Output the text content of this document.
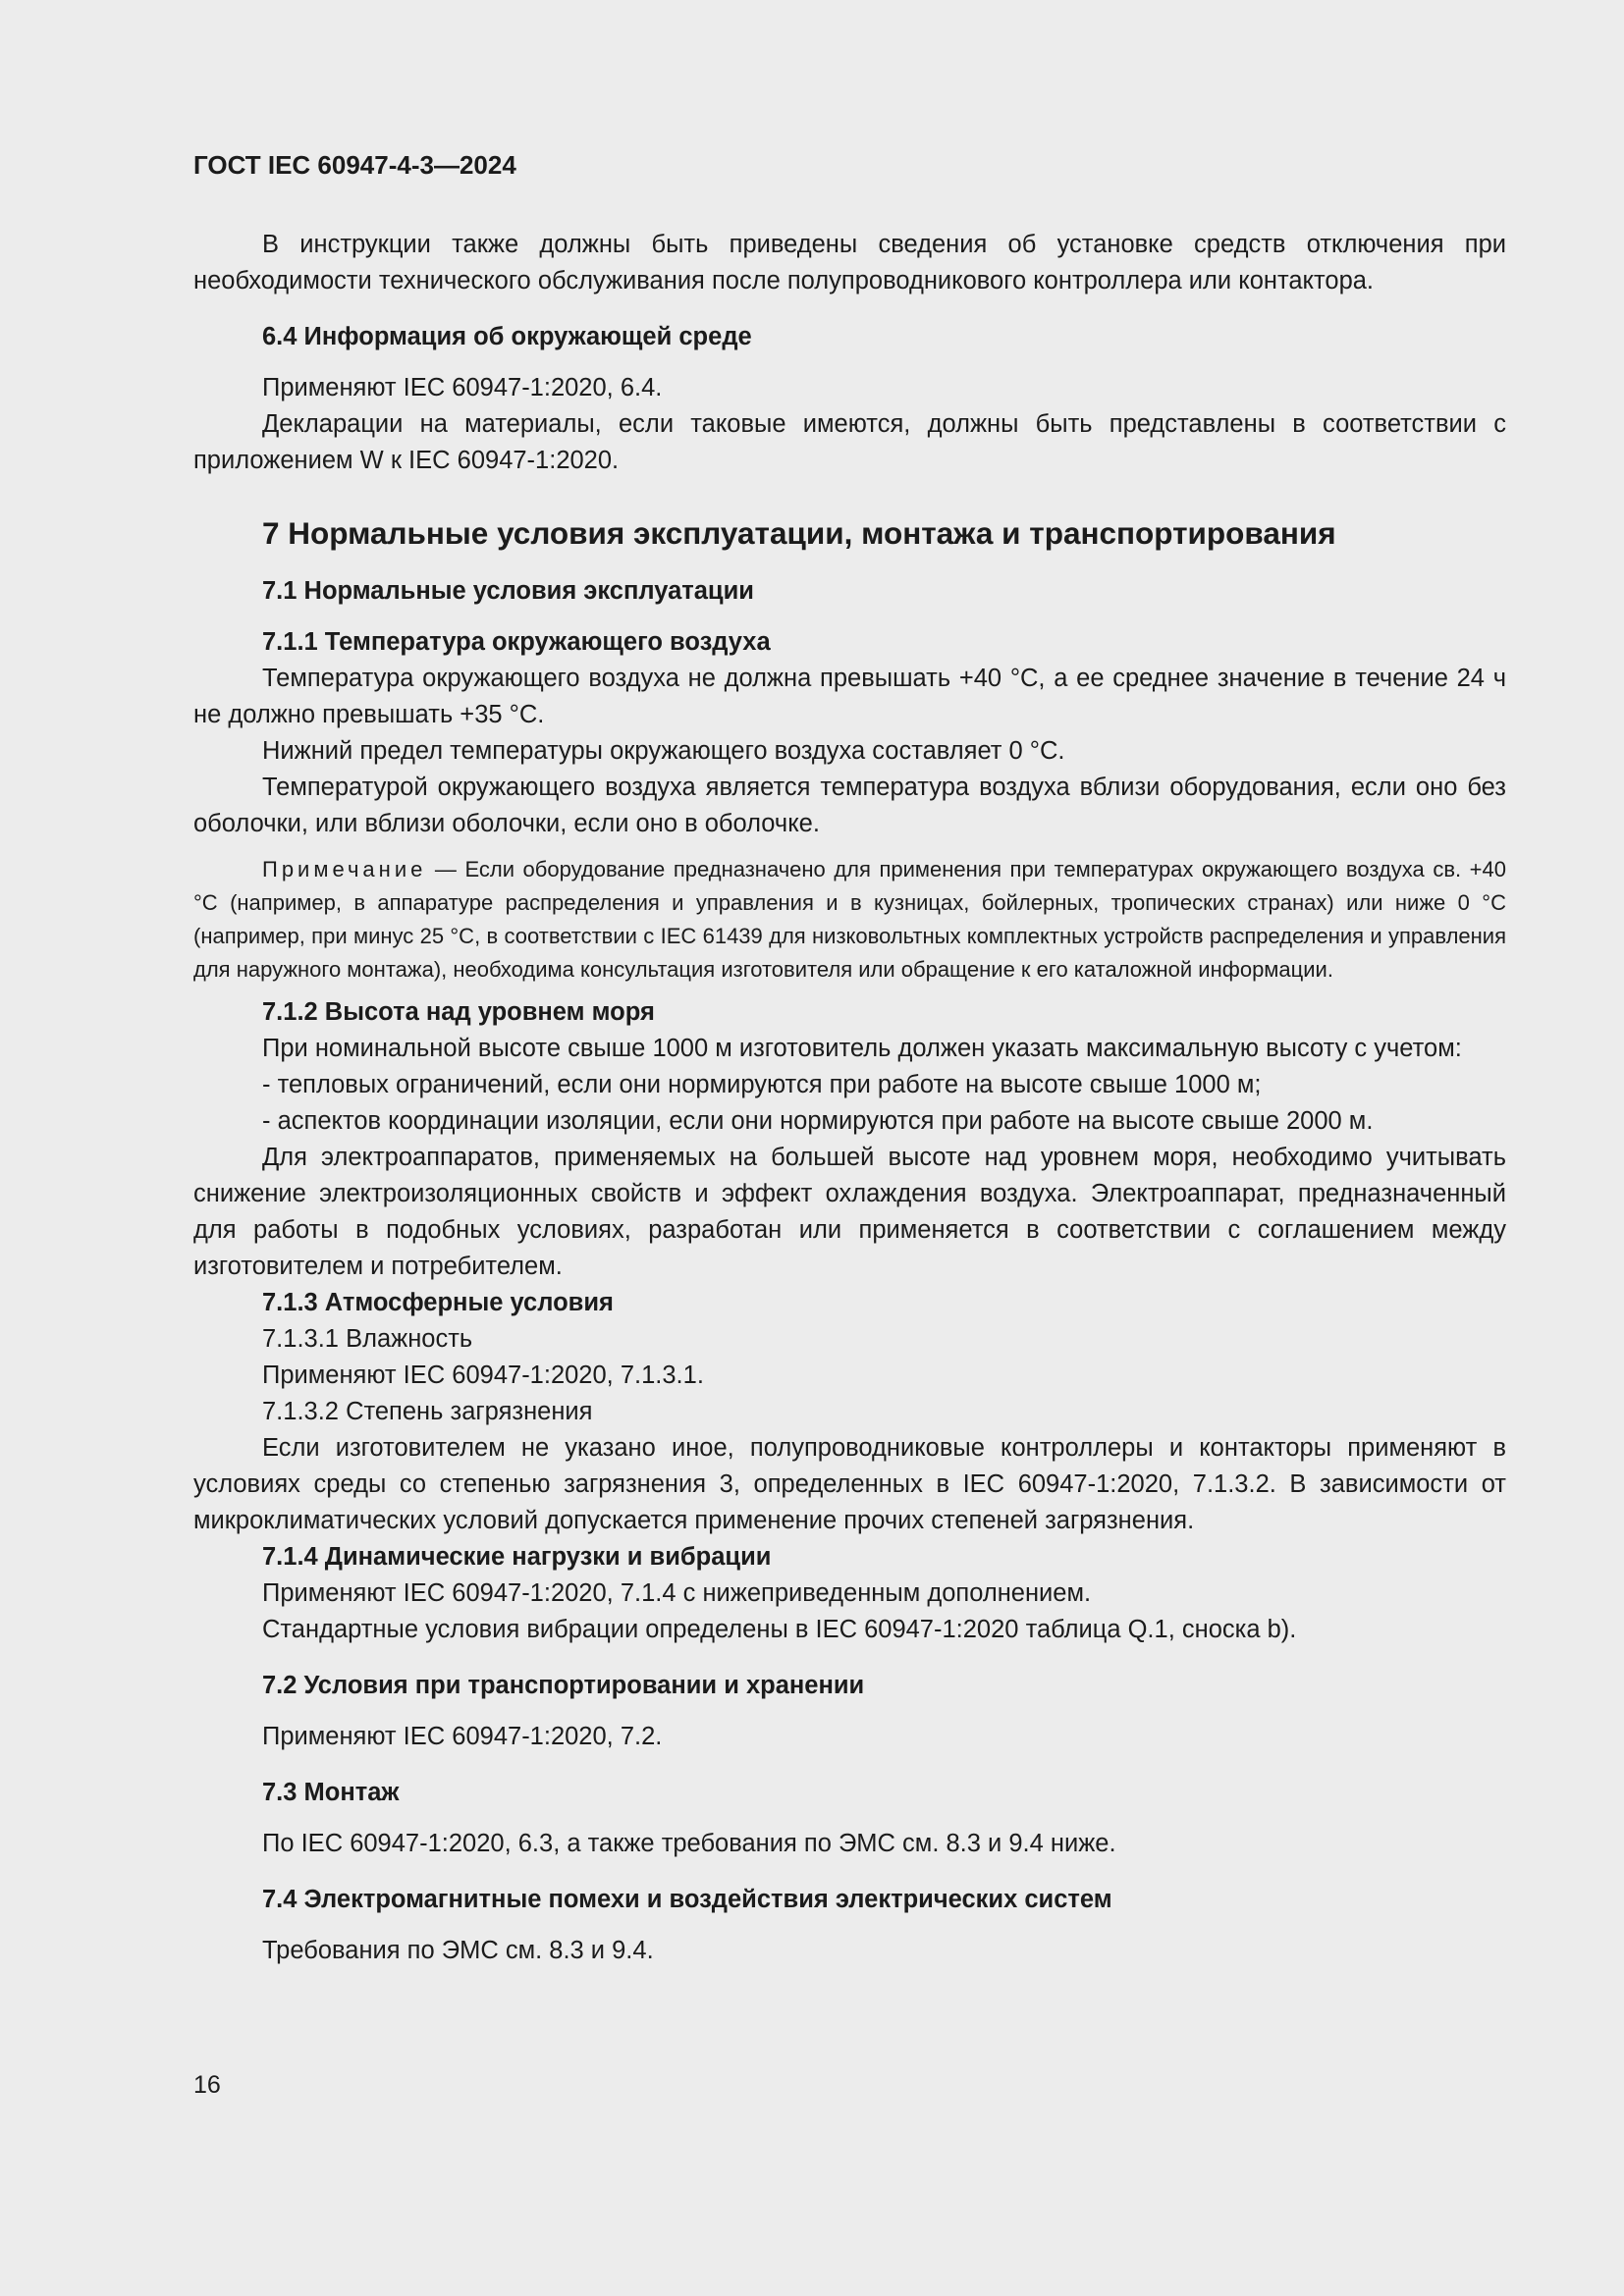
ГОСТ IEC 60947-4-3—2024

В инструкции также должны быть приведены сведения об установке средств отключения при необходимости технического обслуживания после полупроводникового контроллера или контактора.

6.4 Информация об окружающей среде

Применяют IEC 60947-1:2020, 6.4.

Декларации на материалы, если таковые имеются, должны быть представлены в соответствии с приложением W к IEC 60947-1:2020.

7 Нормальные условия эксплуатации, монтажа и транспортирования
7.1 Нормальные условия эксплуатации
7.1.1 Температура окружающего воздуха

Температура окружающего воздуха не должна превышать +40 °C, а ее среднее значение в течение 24 ч не должно превышать +35 °C.

Нижний предел температуры окружающего воздуха составляет 0 °C.

Температурой окружающего воздуха является температура воздуха вблизи оборудования, если оно без оболочки, или вблизи оболочки, если оно в оболочке.

Примечание — Если оборудование предназначено для применения при температурах окружающего воздуха св. +40 °C (например, в аппаратуре распределения и управления и в кузницах, бойлерных, тропических странах) или ниже 0 °C (например, при минус 25 °C, в соответствии с IEC 61439 для низковольтных комплектных устройств распределения и управления для наружного монтажа), необходима консультация изготовителя или обращение к его каталожной информации.

7.1.2 Высота над уровнем моря

При номинальной высоте свыше 1000 м изготовитель должен указать максимальную высоту с учетом:

- тепловых ограничений, если они нормируются при работе на высоте свыше 1000 м;

- аспектов координации изоляции, если они нормируются при работе на высоте свыше 2000 м.

Для электроаппаратов, применяемых на большей высоте над уровнем моря, необходимо учитывать снижение электроизоляционных свойств и эффект охлаждения воздуха. Электроаппарат, предназначенный для работы в подобных условиях, разработан или применяется в соответствии с соглашением между изготовителем и потребителем.

7.1.3 Атмосферные условия

7.1.3.1 Влажность

Применяют IEC 60947-1:2020, 7.1.3.1.

7.1.3.2 Степень загрязнения

Если изготовителем не указано иное, полупроводниковые контроллеры и контакторы применяют в условиях среды со степенью загрязнения 3, определенных в IEC 60947-1:2020, 7.1.3.2. В зависимости от микроклиматических условий допускается применение прочих степеней загрязнения.

7.1.4 Динамические нагрузки и вибрации

Применяют IEC 60947-1:2020, 7.1.4 с нижеприведенным дополнением.

Стандартные условия вибрации определены в IEC 60947-1:2020 таблица Q.1, сноска b).

7.2 Условия при транспортировании и хранении

Применяют IEC 60947-1:2020, 7.2.

7.3 Монтаж

По IEC 60947-1:2020, 6.3, а также требования по ЭМС см. 8.3 и 9.4 ниже.

7.4 Электромагнитные помехи и воздействия электрических систем

Требования по ЭМС см. 8.3 и 9.4.

16
